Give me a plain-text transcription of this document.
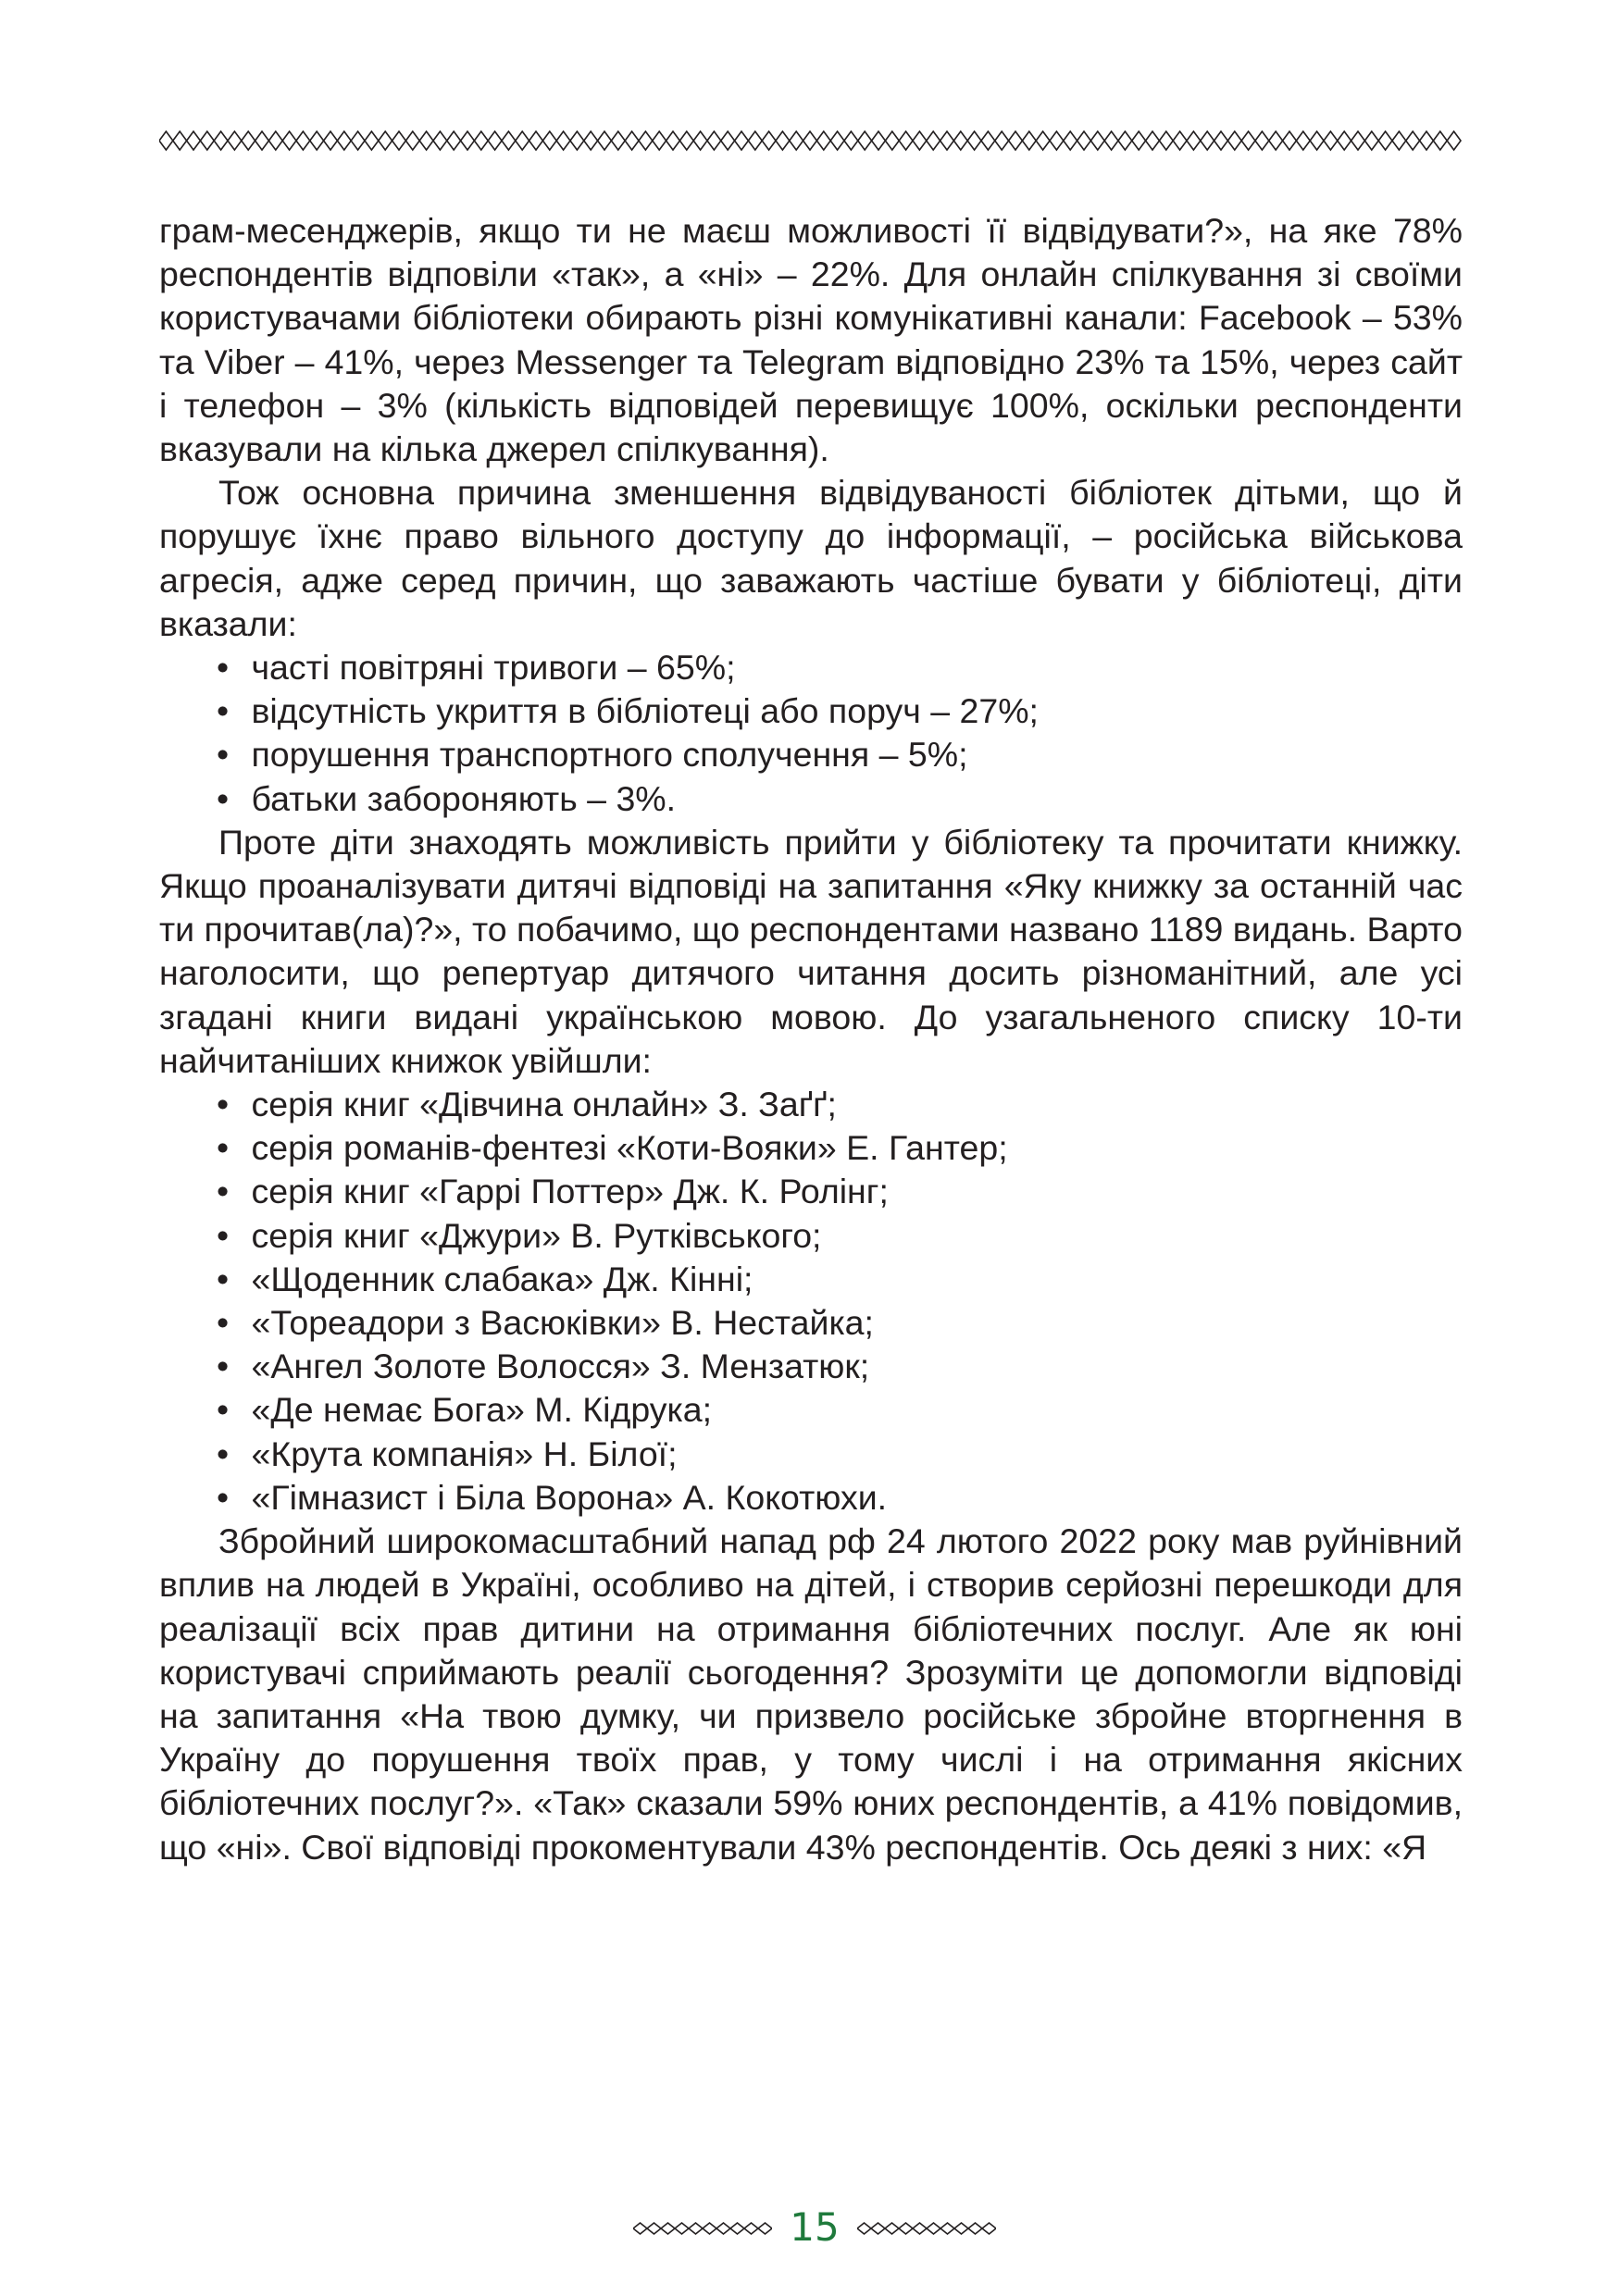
грам-месенджерів, якщо ти не маєш можливості її відвідувати?», на яке 78% респондентів відповіли «так», а «ні» – 22%. Для онлайн спілкування зі своїми користувачами бібліотеки обирають різні комунікативні канали: Facebook – 53% та Viber – 41%, через Messenger та Telegram відповідно 23% та 15%, через сайт і телефон – 3% (кількість відповідей перевищує 100%, оскільки респонденти вказували на кілька джерел спілкування).

Тож основна причина зменшення відвідуваності бібліотек дітьми, що й порушує їхнє право вільного доступу до інформації, – російська військова агресія, адже серед причин, що заважають частіше бувати у бібліотеці, діти вказали:

• часті повітряні тривоги – 65%;
• відсутність укриття в бібліотеці або поруч – 27%;
• порушення транспортного сполучення – 5%;
• батьки забороняють – 3%.

Проте діти знаходять можливість прийти у бібліотеку та прочитати книжку. Якщо проаналізувати дитячі відповіді на запитання «Яку книжку за останній час ти прочитав(ла)?», то побачимо, що респондентами названо 1189 видань. Варто наголосити, що репертуар дитячого читання досить різноманітний, але усі згадані книги видані українською мовою. До узагальненого списку 10-ти найчитаніших книжок увійшли:

• серія книг «Дівчина онлайн» З. Заґґ;
• серія романів-фентезі «Коти-Вояки» Е. Гантер;
• серія книг «Гаррі Поттер» Дж. К. Ролінг;
• серія книг «Джури» В. Рутківського;
• «Щоденник слабака» Дж. Кінні;
• «Тореадори з Васюківки» В. Нестайка;
• «Ангел Золоте Волосся» З. Мензатюк;
• «Де немає Бога» М. Кідрука;
• «Крута компанія» Н. Білої;
• «Гімназист і Біла Ворона» А. Кокотюхи.

Збройний широкомасштабний напад рф 24 лютого 2022 року мав руйнівний вплив на людей в Україні, особливо на дітей, і створив серйозні перешкоди для реалізації всіх прав дитини на отримання бібліотечних послуг. Але як юні користувачі сприймають реалії сьогодення? Зрозуміти це допомогли відповіді на запитання «На твою думку, чи призвело російське збройне вторгнення в Україну до порушення твоїх прав, у тому числі і на отримання якісних бібліотечних послуг?». «Так» сказали 59% юних респондентів, а 41% повідомив, що «ні». Свої відповіді прокоментували 43% респондентів. Ось деякі з них: «Я

15
